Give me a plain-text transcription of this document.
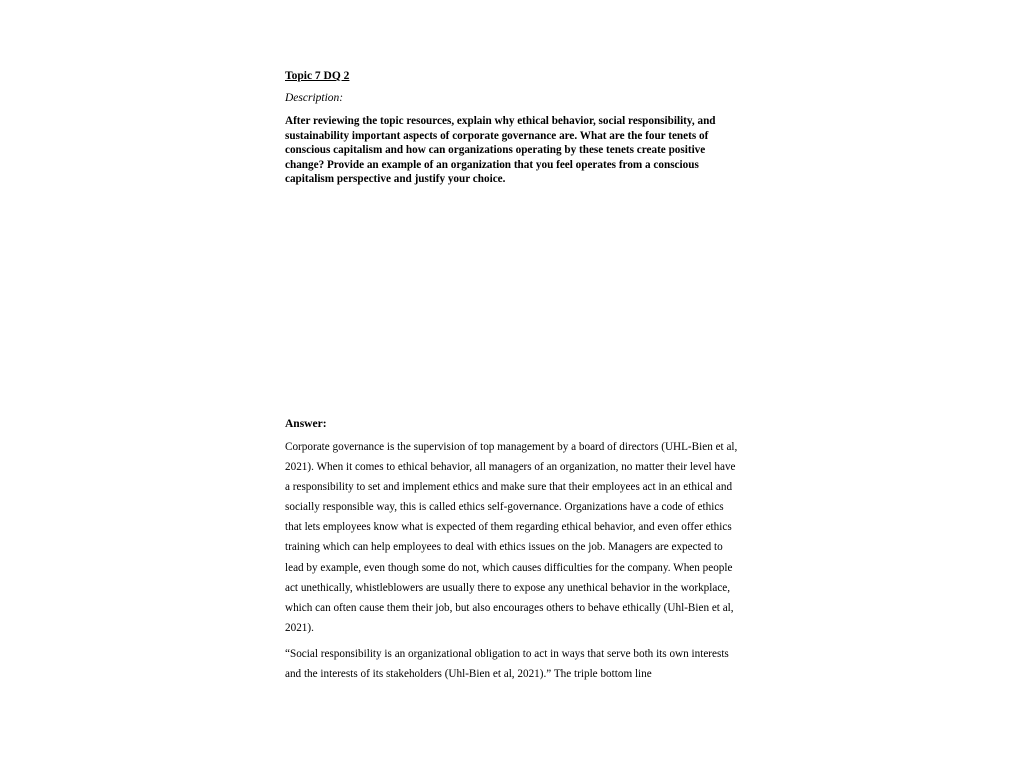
Topic 7 DQ 2

Description:

After reviewing the topic resources, explain why ethical behavior, social responsibility, and sustainability important aspects of corporate governance are. What are the four tenets of conscious capitalism and how can organizations operating by these tenets create positive change? Provide an example of an organization that you feel operates from a conscious capitalism perspective and justify your choice.

Answer:

Corporate governance is the supervision of top management by a board of directors (UHL-Bien et al, 2021). When it comes to ethical behavior, all managers of an organization, no matter their level have a responsibility to set and implement ethics and make sure that their employees act in an ethical and socially responsible way, this is called ethics self-governance. Organizations have a code of ethics that lets employees know what is expected of them regarding ethical behavior, and even offer ethics training which can help employees to deal with ethics issues on the job. Managers are expected to lead by example, even though some do not, which causes difficulties for the company. When people act unethically, whistleblowers are usually there to expose any unethical behavior in the workplace, which can often cause them their job, but also encourages others to behave ethically (Uhl-Bien et al, 2021).

“Social responsibility is an organizational obligation to act in ways that serve both its own interests and the interests of its stakeholders (Uhl-Bien et al, 2021).” The triple bottom line
